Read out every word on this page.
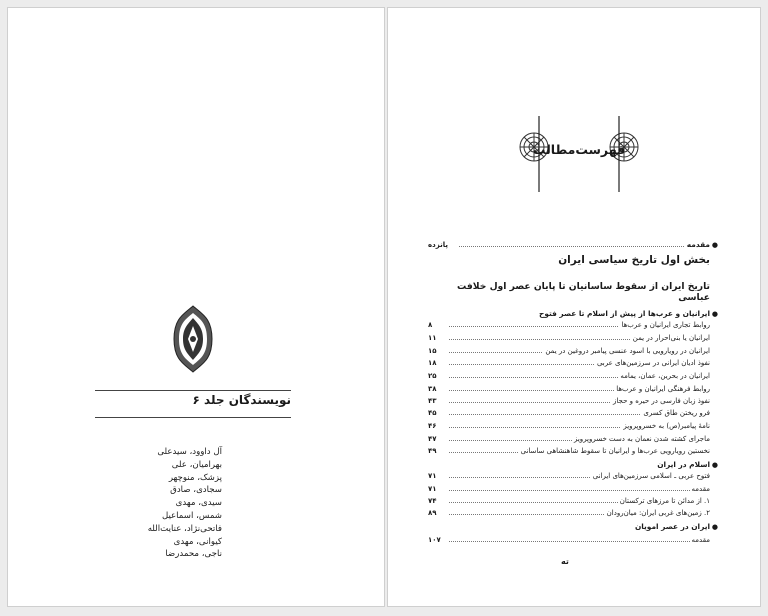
نویسندگان جلد ۶
آل داوود، سیدعلی
بهرامیان، علی
پزشک، منوچهر
سجادی، صادق
سیدی، مهدی
شمس، اسماعیل
فاتحی‌نژاد، عنایت‌الله
کیوانی، مهدی
ناجی، محمدرضا
فهرست‌مطالب
مقدمه ●
پانزده
بخش اول تاریخ سیاسی ایران
تاریخ ایران از سقوط ساسانیان تا پایان عصر اول خلافت عباسی
ایرانیان و عرب‌ها از پیش از اسلام تا عصر فتوح ●
روابط تجاری ایرانیان و عرب‌ها
۸
ایرانیان یا بنی‌احرار در یمن
۱۱
ایرانیان در رویارویی با اسود عنسی پیامبر دروغین در یمن
۱۵
نفوذ ادیان ایرانی در سرزمین‌های عربی
۱۸
ایرانیان در بحرین، عمان، یمامه
۲۵
روابط فرهنگی ایرانیان و عرب‌ها
۳۸
نفوذ زبان فارسی در حیره و حجاز
۴۳
فرو ریختن طاق کسری
۴۵
نامهٔ پیامبر(ص) به خسروپرویز
۴۶
ماجرای کشته شدن نعمان به دست خسروپرویز
۴۷
نخستین رویارویی عرب‌ها و ایرانیان تا سقوط شاهنشاهی ساسانی
۴۹
اسلام در ایران ●
فتوح عربی ـ اسلامی سرزمین‌های ایرانی
۷۱
مقدمه
۷۱
۱. از مدائن تا مرزهای ترکستان
۷۴
۲. زمین‌های غربی ایران: میان‌رودان
۸۹
ایران در عصر امویان ●
مقدمه
۱۰۷
ته
